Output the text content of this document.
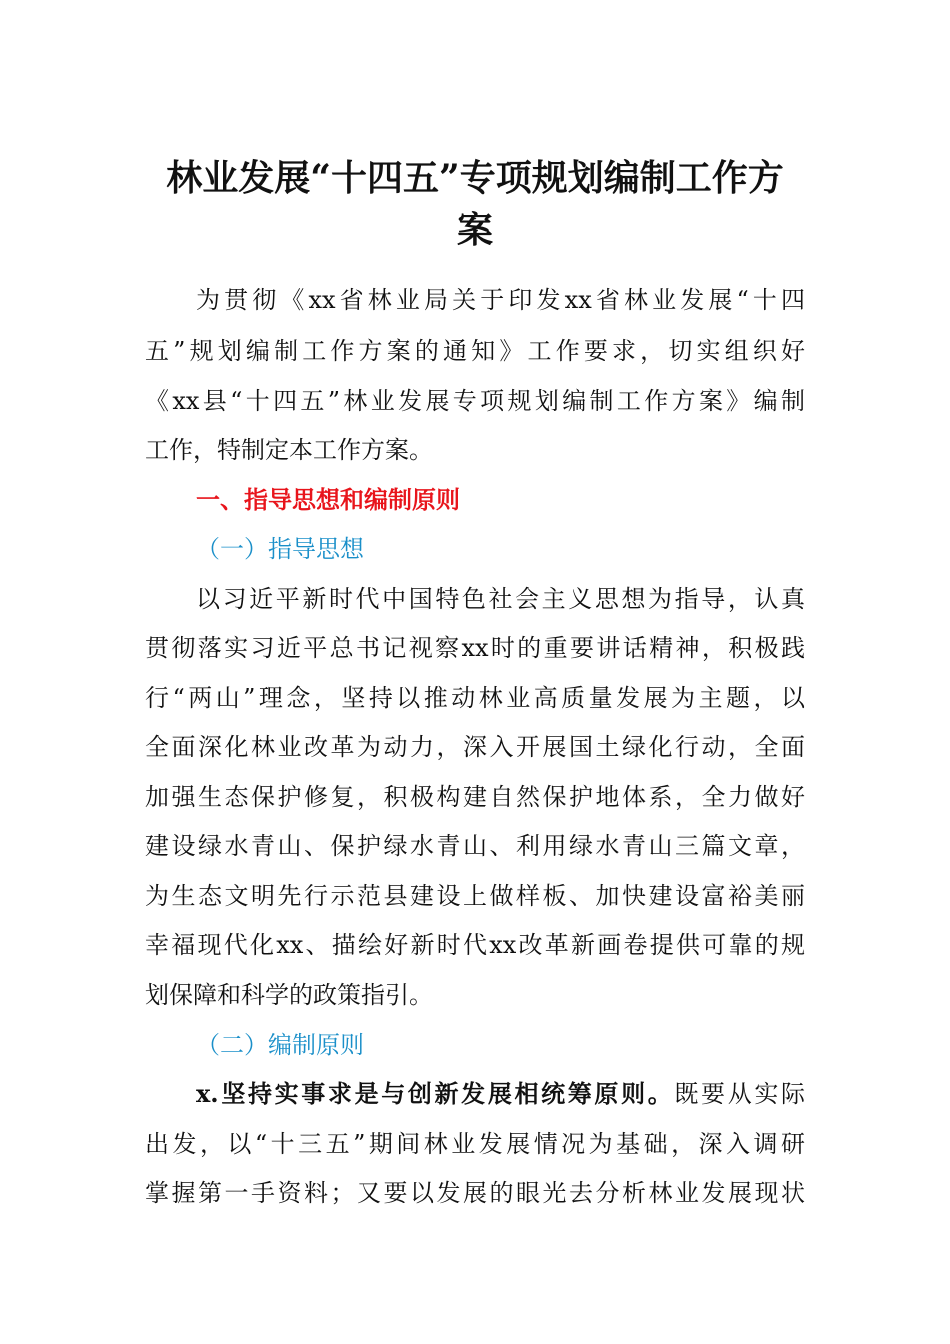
林业发展“十四五”专项规划编制工作方
案
为贯彻《xx省林业局关于印发xx省林业发展“十四
五”规划编制工作方案的通知》工作要求，切实组织好
《xx县“十四五”林业发展专项规划编制工作方案》编制
工作，特制定本工作方案。
一、指导思想和编制原则
（一）指导思想
以习近平新时代中国特色社会主义思想为指导，认真
贯彻落实习近平总书记视察xx时的重要讲话精神，积极践
行“两山”理念，坚持以推动林业高质量发展为主题，以
全面深化林业改革为动力，深入开展国土绿化行动，全面
加强生态保护修复，积极构建自然保护地体系，全力做好
建设绿水青山、保护绿水青山、利用绿水青山三篇文章，
为生态文明先行示范县建设上做样板、加快建设富裕美丽
幸福现代化xx、描绘好新时代xx改革新画卷提供可靠的规
划保障和科学的政策指引。
（二）编制原则
x.坚持实事求是与创新发展相统筹原则。既要从实际
出发，以“十三五”期间林业发展情况为基础，深入调研
掌握第一手资料；又要以发展的眼光去分析林业发展现状
